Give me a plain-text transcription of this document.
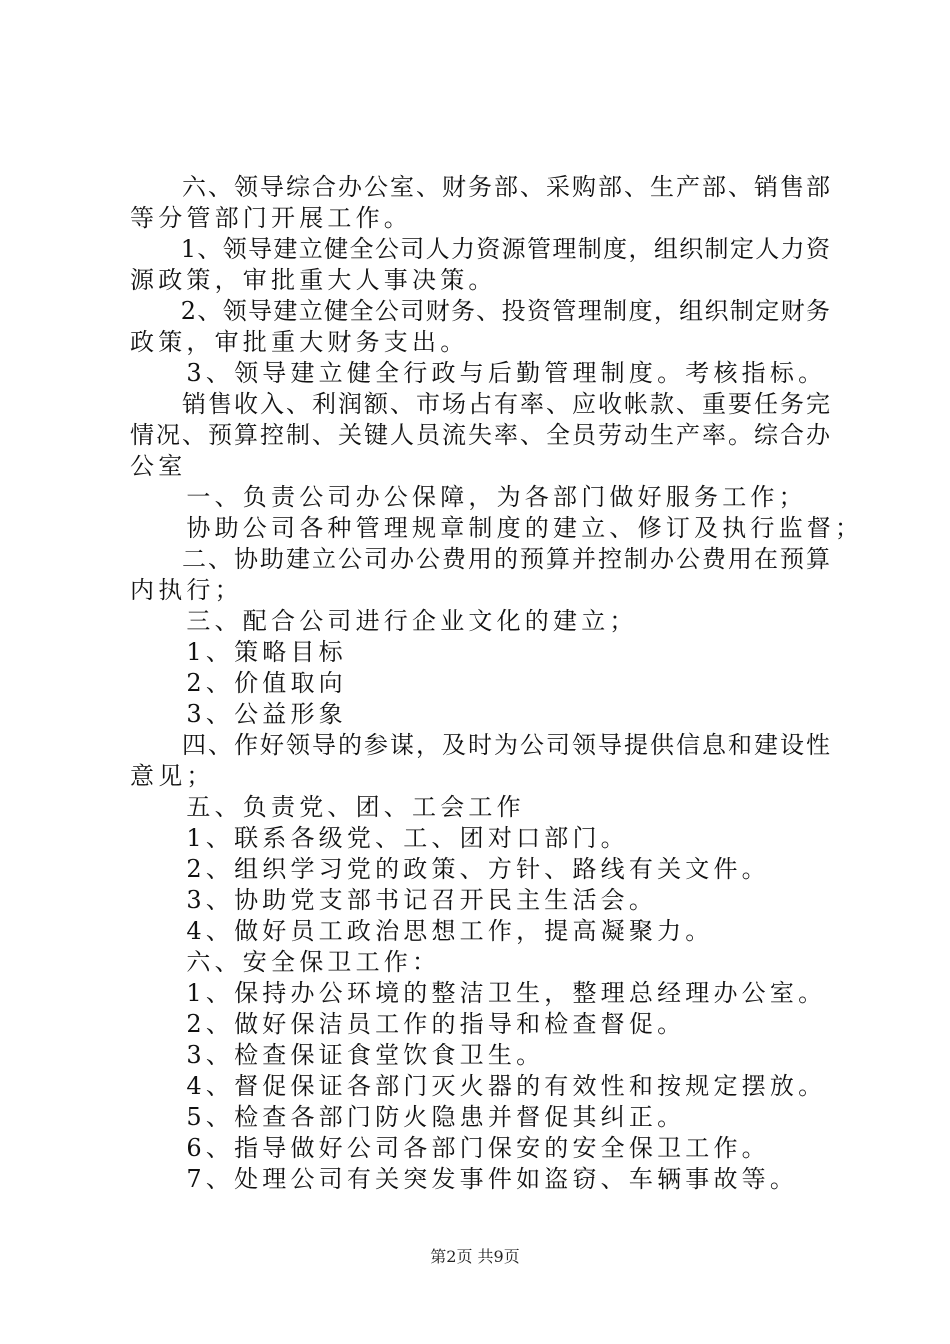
　　六、领导综合办公室、财务部、采购部、生产部、销售部
等分管部门开展工作。
　　1、领导建立健全公司人力资源管理制度，组织制定人力资
源政策，审批重大人事决策。
　　2、领导建立健全公司财务、投资管理制度，组织制定财务
政策，审批重大财务支出。
　　3、领导建立健全行政与后勤管理制度。考核指标。
　　销售收入、利润额、市场占有率、应收帐款、重要任务完
情况、预算控制、关键人员流失率、全员劳动生产率。综合办
公室
　　一、负责公司办公保障，为各部门做好服务工作；
　　协助公司各种管理规章制度的建立、修订及执行监督；
　　二、协助建立公司办公费用的预算并控制办公费用在预算
内执行；
　　三、配合公司进行企业文化的建立；
　　1、策略目标
　　2、价值取向
　　3、公益形象
　　四、作好领导的参谋，及时为公司领导提供信息和建设性
意见；
　　五、负责党、团、工会工作
　　1、联系各级党、工、团对口部门。
　　2、组织学习党的政策、方针、路线有关文件。
　　3、协助党支部书记召开民主生活会。
　　4、做好员工政治思想工作，提高凝聚力。
　　六、安全保卫工作：
　　1、保持办公环境的整洁卫生，整理总经理办公室。
　　2、做好保洁员工作的指导和检查督促。
　　3、检查保证食堂饮食卫生。
　　4、督促保证各部门灭火器的有效性和按规定摆放。
　　5、检查各部门防火隐患并督促其纠正。
　　6、指导做好公司各部门保安的安全保卫工作。
　　7、处理公司有关突发事件如盗窃、车辆事故等。
第2页 共9页
